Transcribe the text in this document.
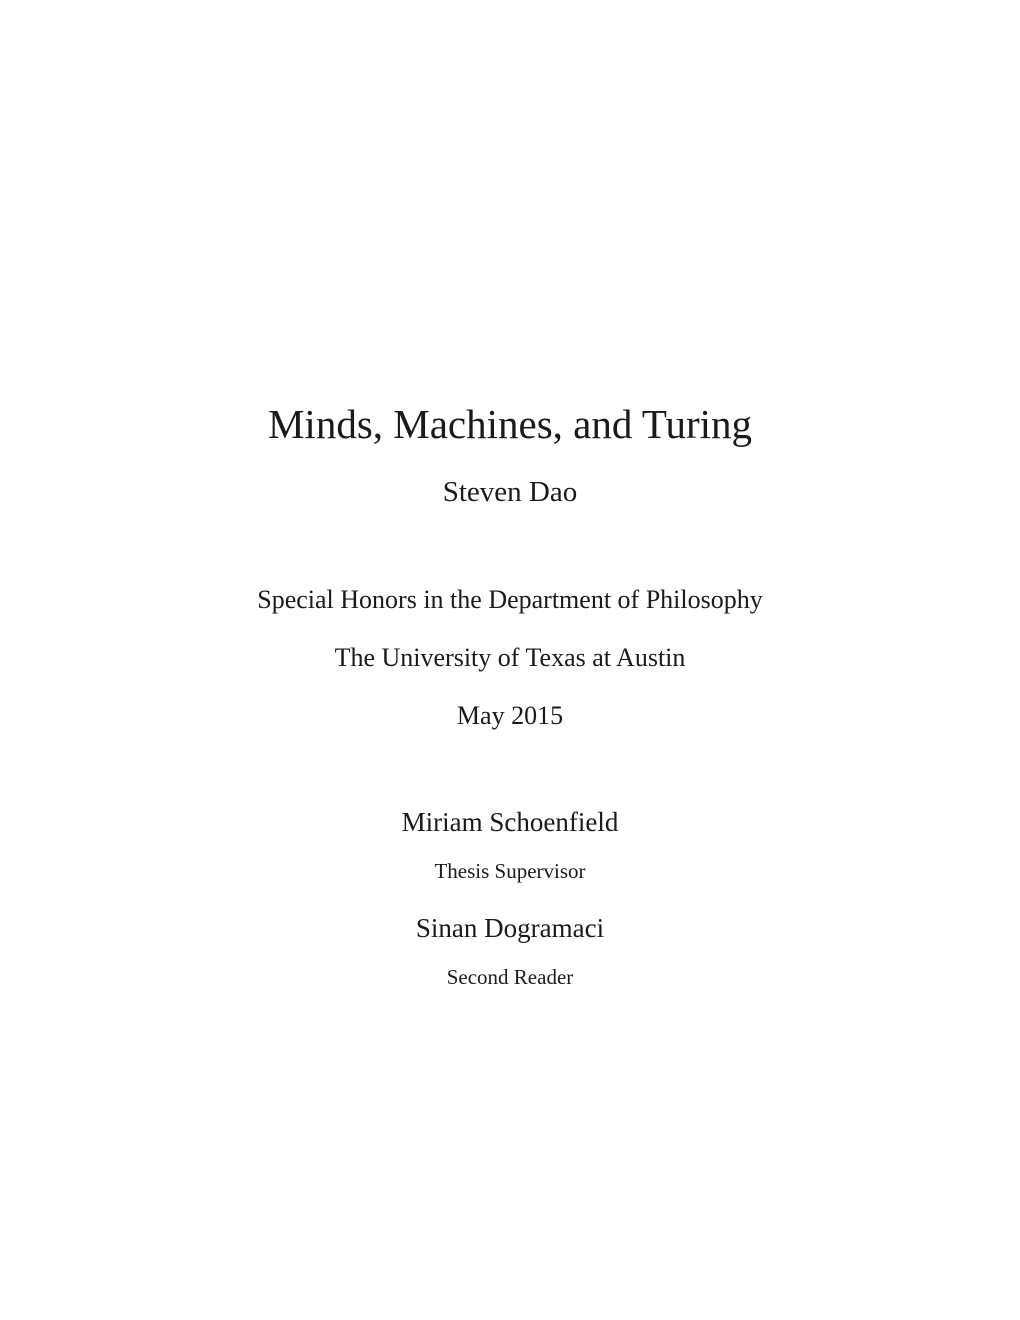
Minds, Machines, and Turing
Steven Dao
Special Honors in the Department of Philosophy
The University of Texas at Austin
May 2015
Miriam Schoenfield
Thesis Supervisor
Sinan Dogramaci
Second Reader
